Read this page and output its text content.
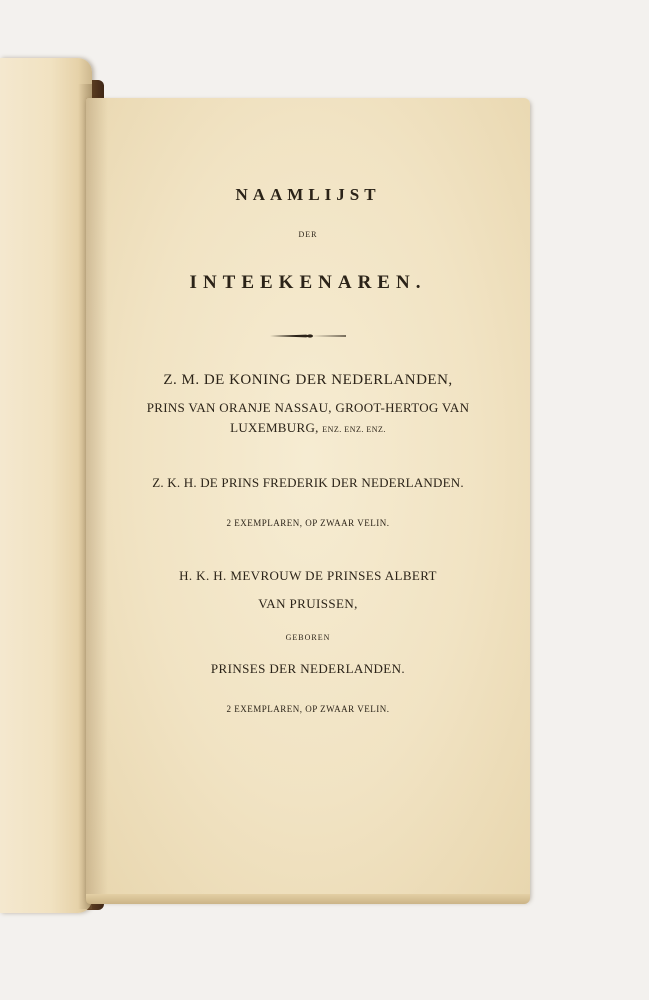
NAAMLIJST
DER
INTEEKENAREN.
Z. M. DE KONING DER NEDERLANDEN,
PRINS VAN ORANJE NASSAU, GROOT-HERTOG VAN
LUXEMBURG, ENZ. ENZ. ENZ.
Z. K. H. DE PRINS FREDERIK DER NEDERLANDEN.
2 EXEMPLAREN, OP ZWAAR VELIN.
H. K. H. MEVROUW DE PRINSES ALBERT
VAN PRUISSEN,
GEBOREN
PRINSES DER NEDERLANDEN.
2 EXEMPLAREN, OP ZWAAR VELIN.
